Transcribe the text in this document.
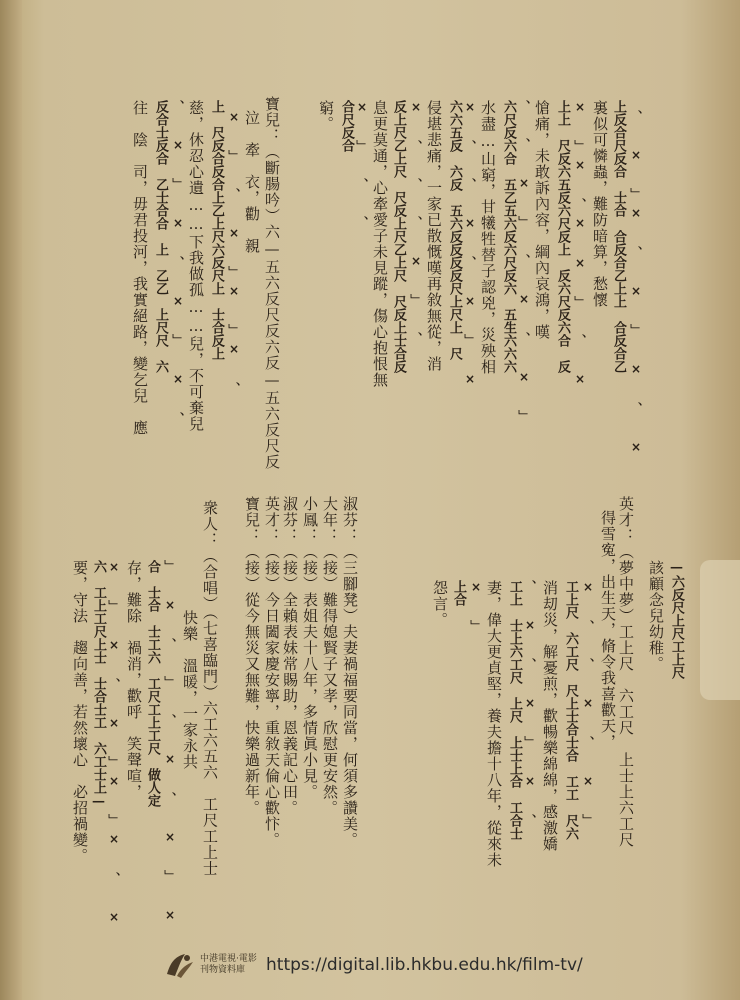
、 × 」× 、 × 」 × 、 ×
上反合尺反合　士合　合反合乙上上　合反合乙
裏似可憐蟲，難防暗算，愁懷
× 」× 、× × 」 、 ×
上上　尺反六五反六尺反上　反六尺反六合　反
愴痛，未敢訴內容，綱內哀鴻，嘆
、 、 × 」 、 × 、 × 」
六尺反六合　五乙五六反六尺反六　五生六六六
水盡…山窮，甘犧牲替子認兇，災殃相
× 、 、 × 、 × 」 ×
六六五反　六反　五六反反反反尺上尺上　尺
侵堪悲痛，一家已散慨嘆再敘無從，消
× 、 、 、 × 」 、
反上尺乙上尺　尺反上尺乙上尺　尺反上士合反
息更莫通，心牽愛子未見蹤，傷心抱恨無
× 」 、 、
合尺反合
窮。
寶兒：（斷腸吟）六—五六反尺反六反—五六反尺反
泣　牽　衣，勸　親
× 」 、 × 」× 」× 、
上　尺反合反合上乙上尺六反尺上　士合反上
慈，休忍心遺……下我做孤……兒，不可棄兒
、 × 」 × 、 × 」 × 、
反合士反合　乙士合合　上　乙乙　上尺尺　六
往　陰　司，毋君投河，我實絕路，變乞兒　應
—六反尺上尺工上尺
該顧念兒幼稚。
英才：（夢中夢）工上尺　六工尺　上士上六工尺
得雪寃，出生天，脩令我喜歡天，
× 、 、 × 、 × 」
工上尺　六工尺　尺上士合士合　工工　尺六
消刧災，解憂煎，歡暢樂綿綿，感激嬌
、 × 、 × 」 × 、
工上　士上六工尺　上尺　上士上合　工合士
妻，偉大更貞堅，養夫擔十八年，從來未
× 」
上合
怨言。
淑芬：（三腳凳）夫妻禍福要同當，何須多讚美。
大年：（接）難得媳賢子又孝，欣慰更安然。
小鳳：（接）表姐夫十八年，多情眞小見。
淑芬：（接）全賴表妹常賜助，恩義記心田。
英才：（接）今日闔家慶安寧，重敘天倫心歡忭。
寶兒：（接）從今無災又無難，快樂過新年。
衆人：（合唱）（七喜臨門）六工六五六　工尺工上士
快樂　溫暖，一家永共
」 × 、 」 、 × 、 × 」 ×
合　士合　士工六　工尺工上工尺　做人定
存，難除　禍消，歡呼　笑聲喧，
× 」 × 、 × 」× 」× 、 ×
六　工上工尺上士　士合士工　六工士上—
要，守法　趨向善，若然壞心　必招禍變。
中港電視·電影
刊物資料庫	https://digital.lib.hkbu.edu.hk/film-tv/
